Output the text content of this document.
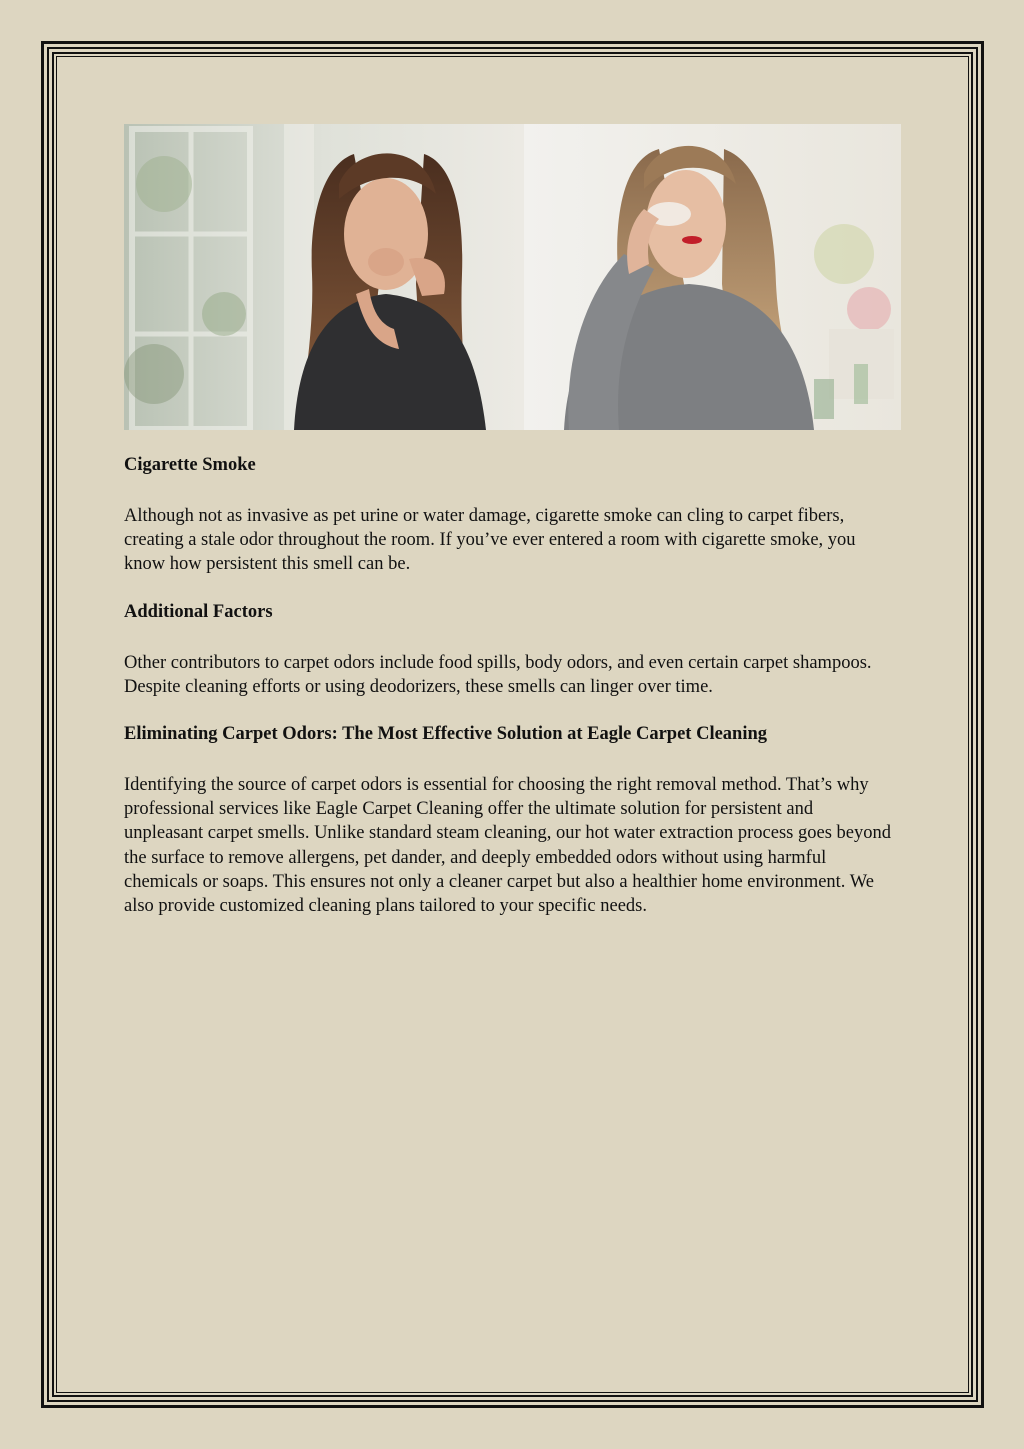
Cigarette Smoke

Although not as invasive as pet urine or water damage, cigarette smoke can cling to carpet fibers, creating a stale odor throughout the room. If you’ve ever entered a room with cigarette smoke, you know how persistent this smell can be.

Additional Factors

Other contributors to carpet odors include food spills, body odors, and even certain carpet shampoos. Despite cleaning efforts or using deodorizers, these smells can linger over time.

Eliminating Carpet Odors: The Most Effective Solution at Eagle Carpet Cleaning

Identifying the source of carpet odors is essential for choosing the right removal method. That’s why professional services like Eagle Carpet Cleaning offer the ultimate solution for persistent and unpleasant carpet smells. Unlike standard steam cleaning, our hot water extraction process goes beyond the surface to remove allergens, pet dander, and deeply embedded odors without using harmful chemicals or soaps. This ensures not only a cleaner carpet but also a healthier home environment. We also provide customized cleaning plans tailored to your specific needs.
